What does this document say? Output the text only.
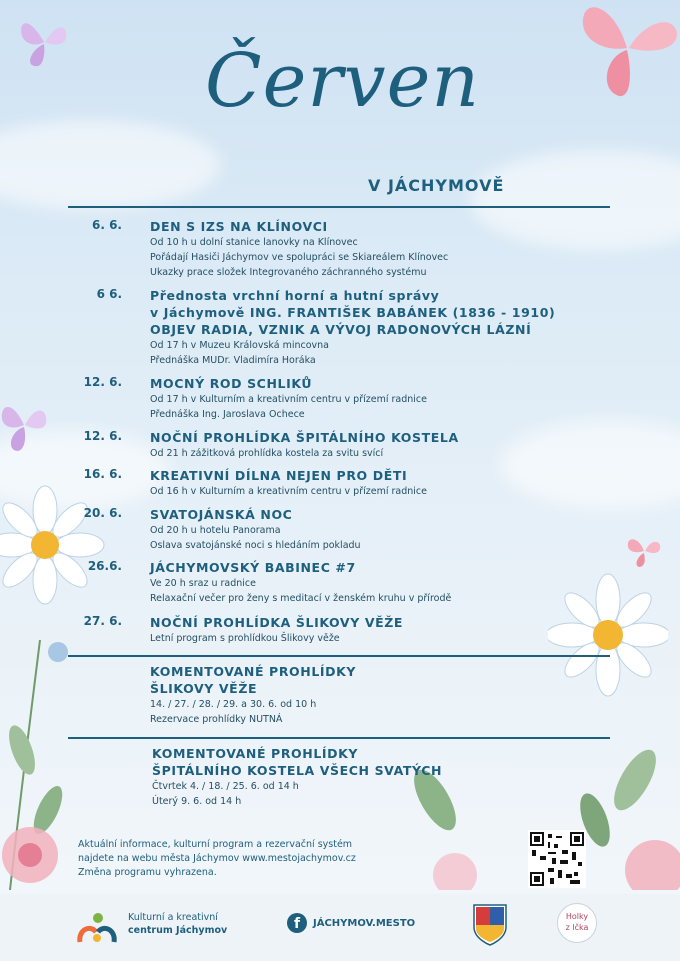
Červen
V JÁCHYMOVĚ
6. 6. DEN S IZS NA KLÍNOVCI
Od 10 h u dolní stanice lanovky na Klínovec
Pořádají Hasiči Jáchymov ve spolupráci se Skiareálem Klínovec
Ukazky prace složek Integrovaného záchranného systému
6 6. Přednosta vrchní horní a hutní správy
v Jáchymově ING. FRANTIŠEK BABÁNEK (1836 - 1910)
OBJEV RADIA, VZNIK A VÝVOJ RADONOVÝCH LÁZNÍ
Od 17 h v Muzeu Královská mincovna
Přednáška MUDr. Vladimíra Horáka
12. 6. MOCNÝ ROD SCHLIKŮ
Od 17 h v Kulturním a kreativním centru v přízemí radnice
Přednáška Ing. Jaroslava Ochece
12. 6. NOČNÍ PROHLÍDKA ŠPITÁLNÍHO KOSTELA
Od 21 h zážitková prohlídka kostela za svitu svící
16. 6. KREATIVNÍ DÍLNA NEJEN PRO DĚTI
Od 16 h v Kulturním a kreativním centru v přízemí radnice
20. 6. SVATOJÁNSKÁ NOC
Od 20 h u hotelu Panorama
Oslava svatojánské noci s hledáním pokladu
26.6. JÁCHYMOVSKÝ BABINEC #7
Ve 20 h sraz u radnice
Relaxační večer pro ženy s meditací v ženském kruhu v přírodě
27. 6. NOČNÍ PROHLÍDKA ŠLIKOVY VĚŽE
Letní program s prohlídkou Šlikovy věže
KOMENTOVANÉ PROHLÍDKY
ŠLIKOVY VĚŽE
14. / 27. / 28. / 29. a 30. 6. od 10 h
Rezervace prohlídky NUTNÁ
KOMENTOVANÉ PROHLÍDKY
ŠPITÁLNÍHO KOSTELA VŠECH SVATÝCH
Čtvrtek 4. / 18. / 25. 6. od 14 h
Úterý 9. 6. od 14 h
Aktuální informace, kulturní program a rezervační systém
najdete na webu města Jáchymov www.mestojachymov.cz
Změna programu vyhrazena.
Kulturní a kreativní
centrum Jáchymov	f	JÁCHYMOV.MESTO
Holky
z lčka
